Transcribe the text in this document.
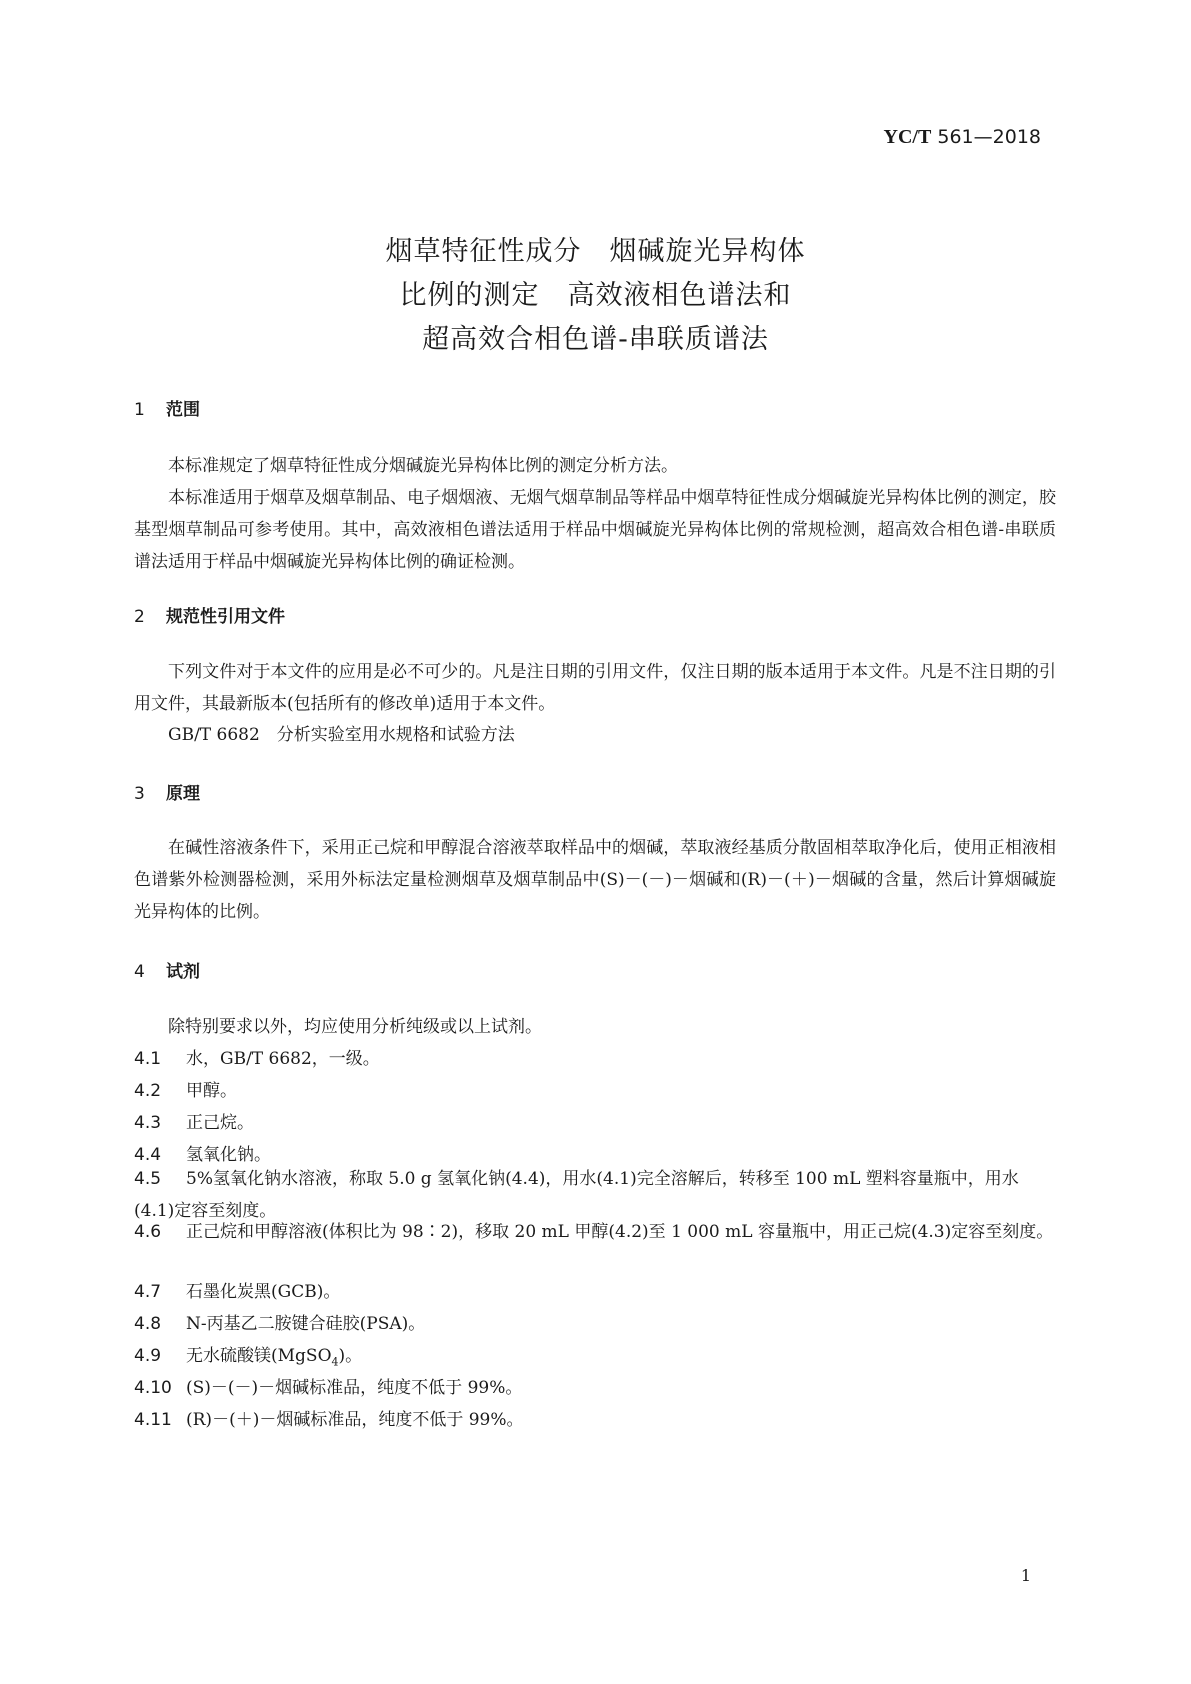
YC/T 561—2018
烟草特征性成分　烟碱旋光异构体
比例的测定　高效液相色谱法和
超高效合相色谱-串联质谱法
1 范围
本标准规定了烟草特征性成分烟碱旋光异构体比例的测定分析方法。
本标准适用于烟草及烟草制品、电子烟烟液、无烟气烟草制品等样品中烟草特征性成分烟碱旋光异构体比例的测定，胶基型烟草制品可参考使用。其中，高效液相色谱法适用于样品中烟碱旋光异构体比例的常规检测，超高效合相色谱-串联质谱法适用于样品中烟碱旋光异构体比例的确证检测。
2 规范性引用文件
下列文件对于本文件的应用是必不可少的。凡是注日期的引用文件，仅注日期的版本适用于本文件。凡是不注日期的引用文件，其最新版本(包括所有的修改单)适用于本文件。
GB/T 6682　分析实验室用水规格和试验方法
3 原理
在碱性溶液条件下，采用正己烷和甲醇混合溶液萃取样品中的烟碱，萃取液经基质分散固相萃取净化后，使用正相液相色谱紫外检测器检测，采用外标法定量检测烟草及烟草制品中(S)－(－)－烟碱和(R)－(＋)－烟碱的含量，然后计算烟碱旋光异构体的比例。
4 试剂
除特别要求以外，均应使用分析纯级或以上试剂。
4.1 水，GB/T 6682，一级。
4.2 甲醇。
4.3 正己烷。
4.4 氢氧化钠。
4.5 5%氢氧化钠水溶液，称取 5.0 g 氢氧化钠(4.4)，用水(4.1)完全溶解后，转移至 100 mL 塑料容量瓶中，用水(4.1)定容至刻度。
4.6 正己烷和甲醇溶液(体积比为 98∶2)，移取 20 mL 甲醇(4.2)至 1 000 mL 容量瓶中，用正己烷(4.3)定容至刻度。
4.7 石墨化炭黑(GCB)。
4.8 N-丙基乙二胺键合硅胶(PSA)。
4.9 无水硫酸镁(MgSO$_4$)。
4.10 (S)－(－)－烟碱标准品，纯度不低于 99%。
4.11 (R)－(＋)－烟碱标准品，纯度不低于 99%。
1
